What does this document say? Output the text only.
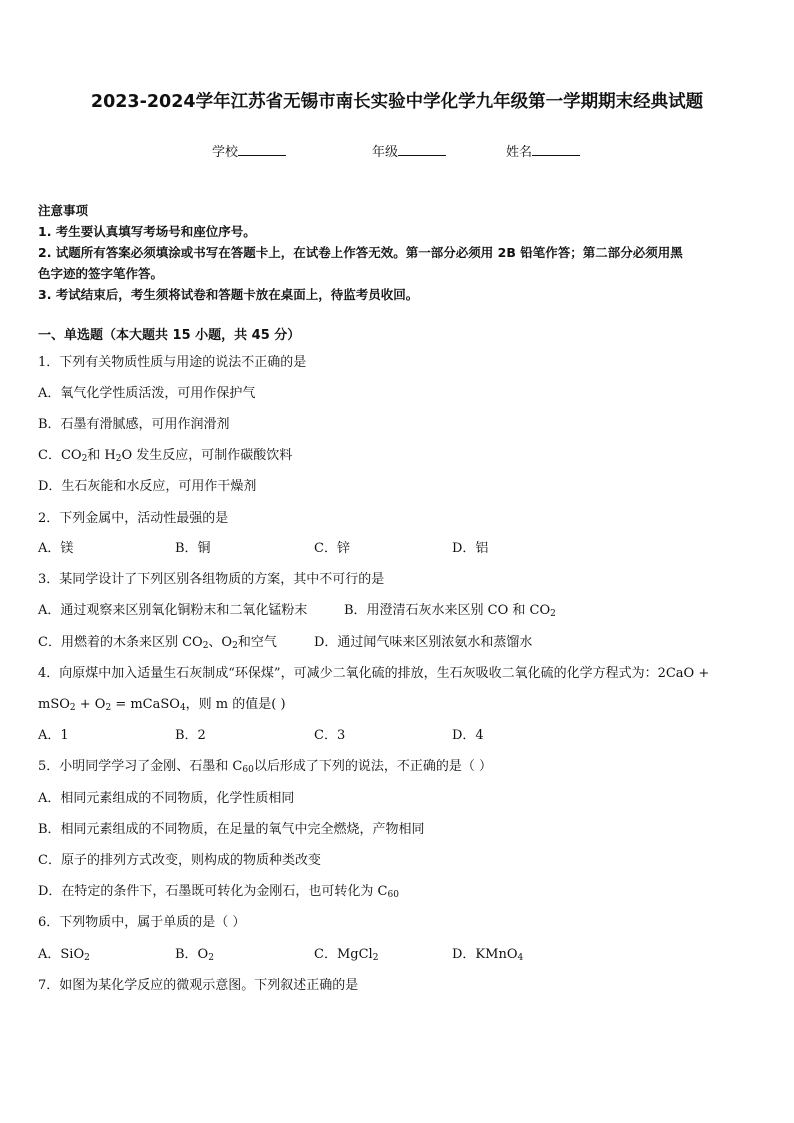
2023-2024学年江苏省无锡市南长实验中学化学九年级第一学期期末经典试题
学校	年级	姓名
注意事项
1. 考生要认真填写考场号和座位序号。
2. 试题所有答案必须填涂或书写在答题卡上，在试卷上作答无效。第一部分必须用 2B 铅笔作答；第二部分必须用黑
色字迹的签字笔作答。
3. 考试结束后，考生须将试卷和答题卡放在桌面上，待监考员收回。
一、单选题（本大题共 15 小题，共 45 分）
1．下列有关物质性质与用途的说法不正确的是
A．氧气化学性质活泼，可用作保护气
B．石墨有滑腻感，可用作润滑剂
C．$CO_2$和 $H_2O$ 发生反应，可制作碳酸饮料
D．生石灰能和水反应，可用作干燥剂
2．下列金属中，活动性最强的是
A．镁	B．铜	C．锌	D．铝
3．某同学设计了下列区别各组物质的方案，其中不可行的是
A．通过观察来区别氧化铜粉末和二氧化锰粉末	B．用澄清石灰水来区别 CO 和 $CO_2$
C．用燃着的木条来区别 $CO_2$、$O_2$和空气	D．通过闻气味来区别浓氨水和蒸馏水
4．向原煤中加入适量生石灰制成“环保煤”，可减少二氧化硫的排放，生石灰吸收二氧化硫的化学方程式为：2CaO +
$mSO_2 + O_2$ = mCaSO$_4$，则 m 的值是( )
A．1	B．2	C．3	D．4
5．小明同学学习了金刚、石墨和 $C_{60}$以后形成了下列的说法，不正确的是（ ）
A．相同元素组成的不同物质，化学性质相同
B．相同元素组成的不同物质，在足量的氧气中完全燃烧，产物相同
C．原子的排列方式改变，则构成的物质种类改变
D．在特定的条件下，石墨既可转化为金刚石，也可转化为 $C_{60}$
6．下列物质中，属于单质的是（ ）
A．SiO$_2$	B．$O_2$	C．MgCl$_2$	D．KMnO$_4$
7．如图为某化学反应的微观示意图。下列叙述正确的是
